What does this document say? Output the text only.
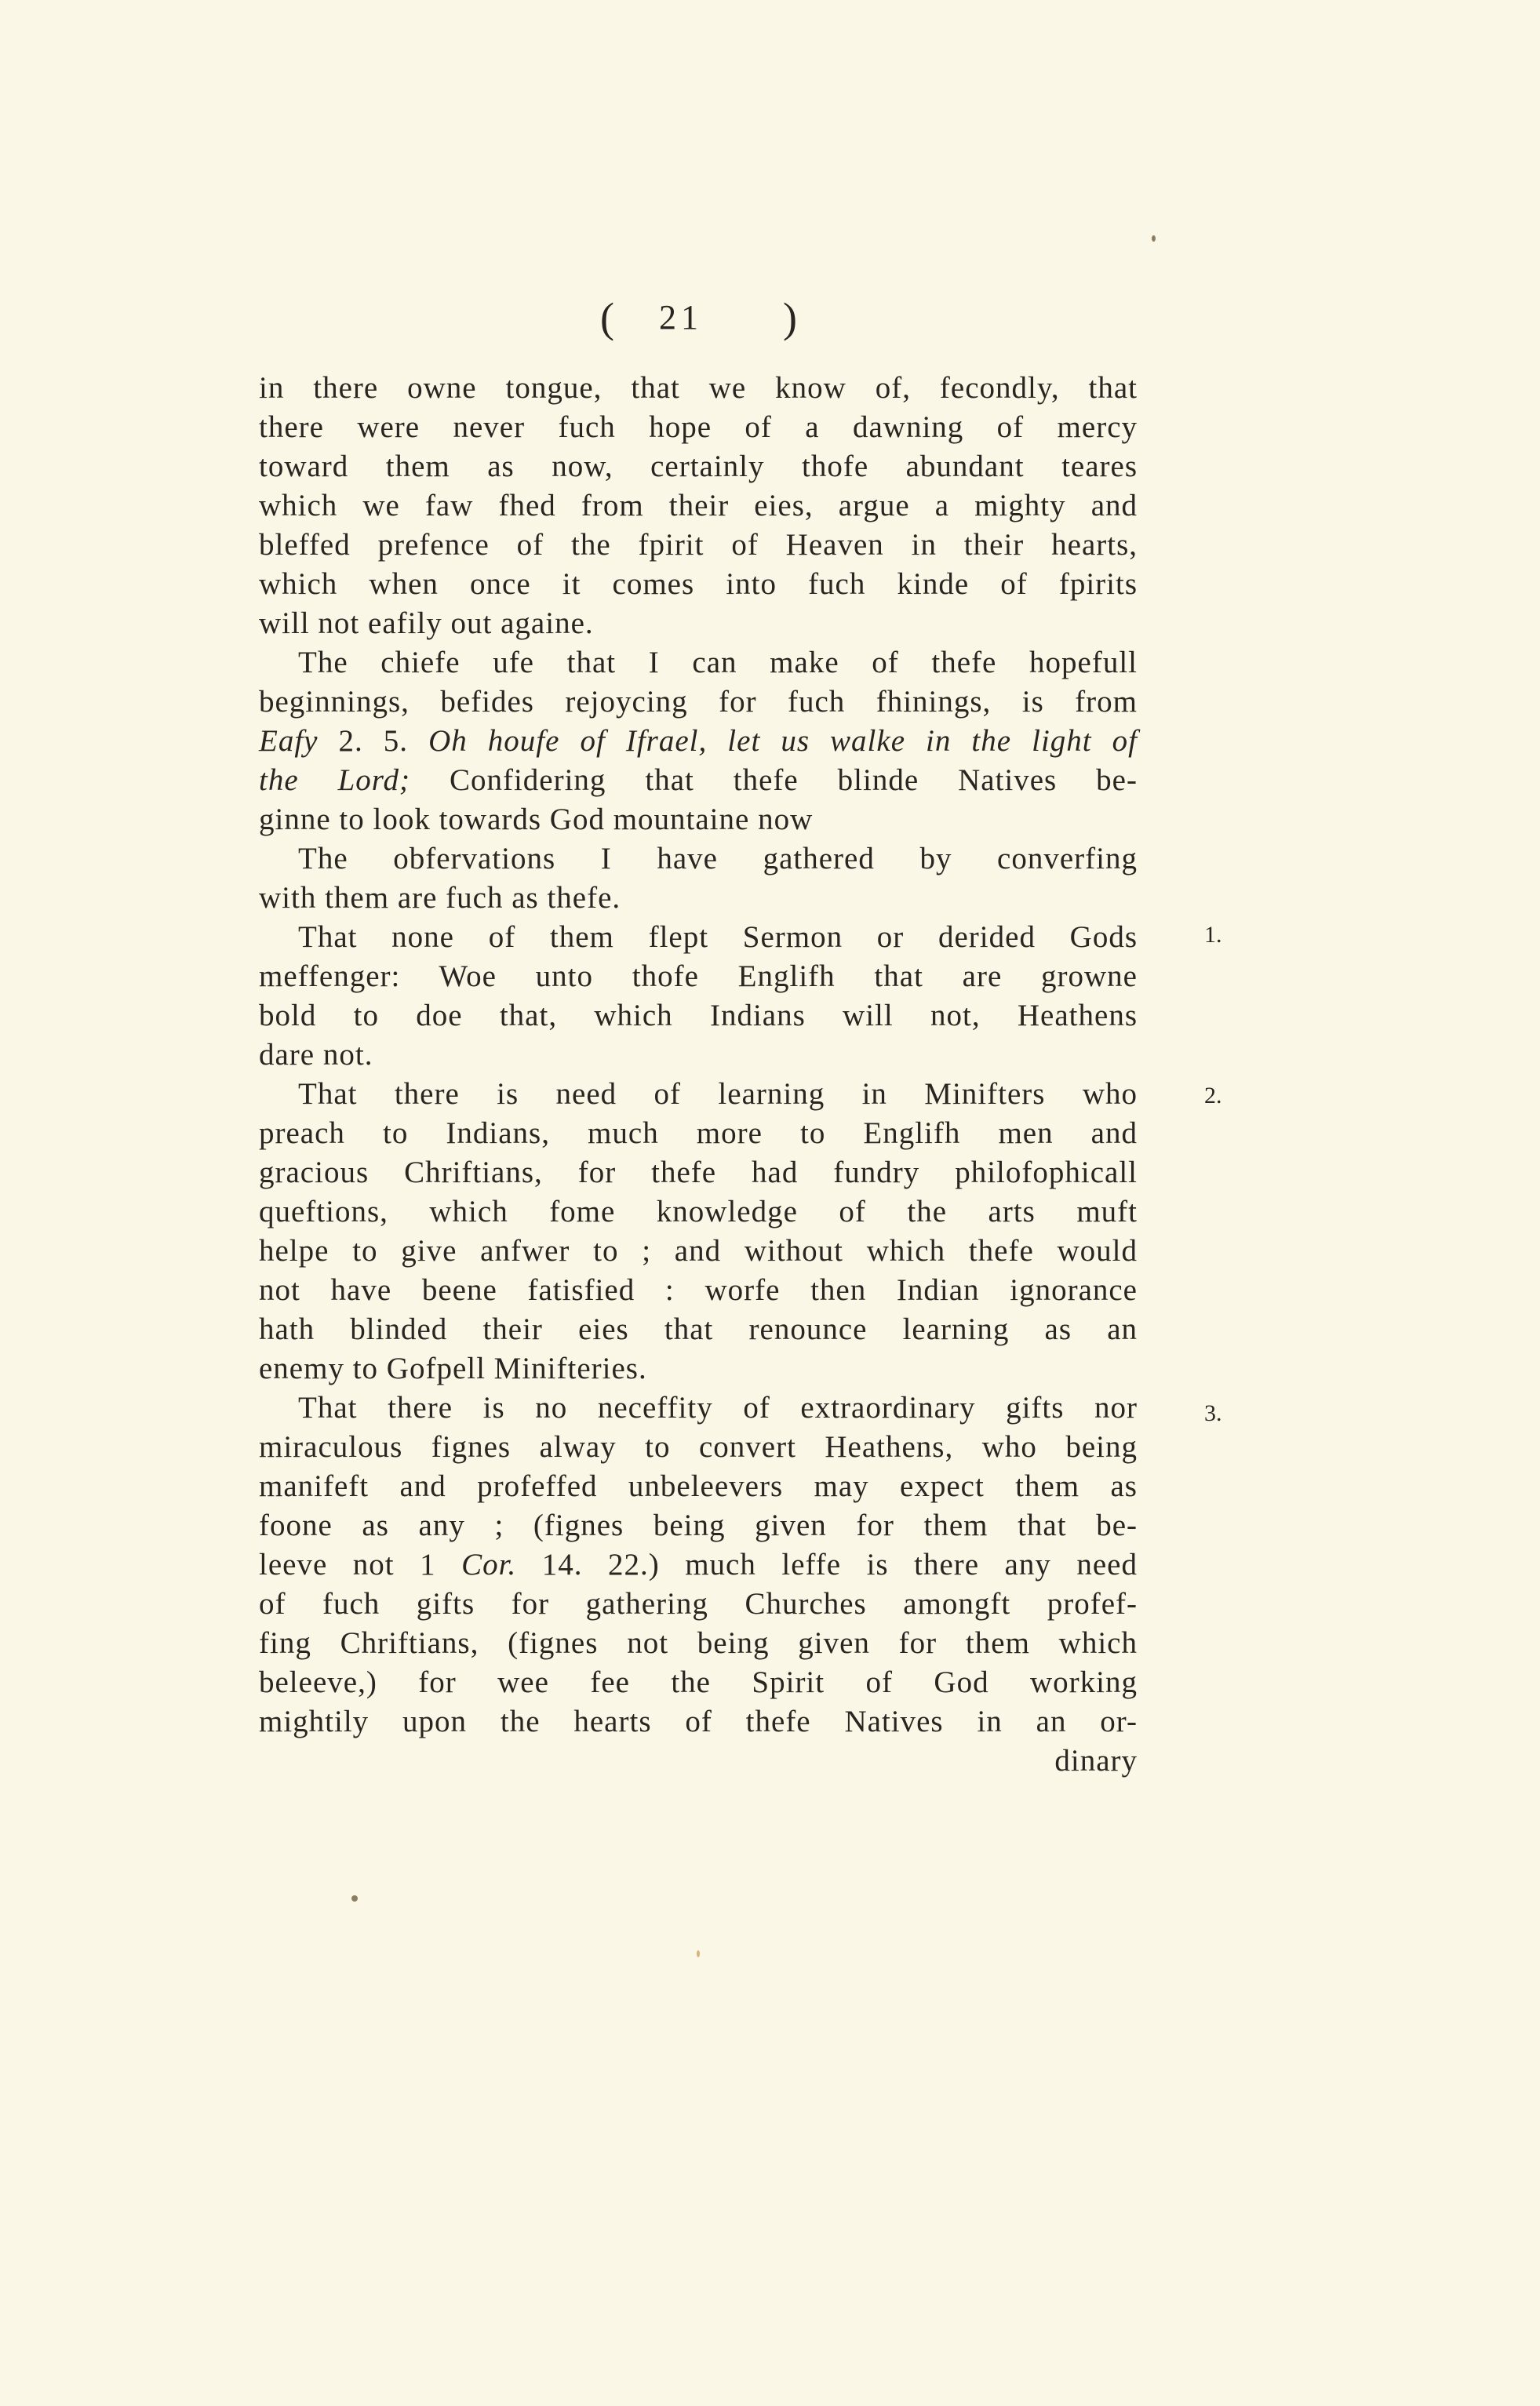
( 21 )
in there owne tongue, that we know of, fecondly, that
there were never fuch hope of a dawning of mercy
toward them as now, certainly thofe abundant teares
which we faw fhed from their eies, argue a mighty and
bleffed prefence of the fpirit of Heaven in their hearts,
which when once it comes into fuch kinde of fpirits
will not eafily out againe.
The chiefe ufe that I can make of thefe hopefull
beginnings, befides rejoycing for fuch fhinings, is from
Eafy 2. 5. Oh houfe of Ifrael, let us walke in the light of
the Lord; Confidering that thefe blinde Natives be-
ginne to look towards God mountaine now
The obfervations I have gathered by converfing
with them are fuch as thefe.
That none of them flept Sermon or derided Gods
meffenger: Woe unto thofe Englifh that are growne
bold to doe that, which Indians will not, Heathens
dare not.
That there is need of learning in Minifters who
preach to Indians, much more to Englifh men and
gracious Chriftians, for thefe had fundry philofophicall
queftions, which fome knowledge of the arts muft
helpe to give anfwer to ; and without which thefe would
not have beene fatisfied : worfe then Indian ignorance
hath blinded their eies that renounce learning as an
enemy to Gofpell Minifteries.
That there is no neceffity of extraordinary gifts nor
miraculous fignes alway to convert Heathens, who being
manifeft and profeffed unbeleevers may expect them as
foone as any ; (fignes being given for them that be-
leeve not 1 Cor. 14. 22.) much leffe is there any need
of fuch gifts for gathering Churches amongft profef-
fing Chriftians, (fignes not being given for them which
beleeve,) for wee fee the Spirit of God working
mightily upon the hearts of thefe Natives in an or-
dinary
1.
2.
3.
